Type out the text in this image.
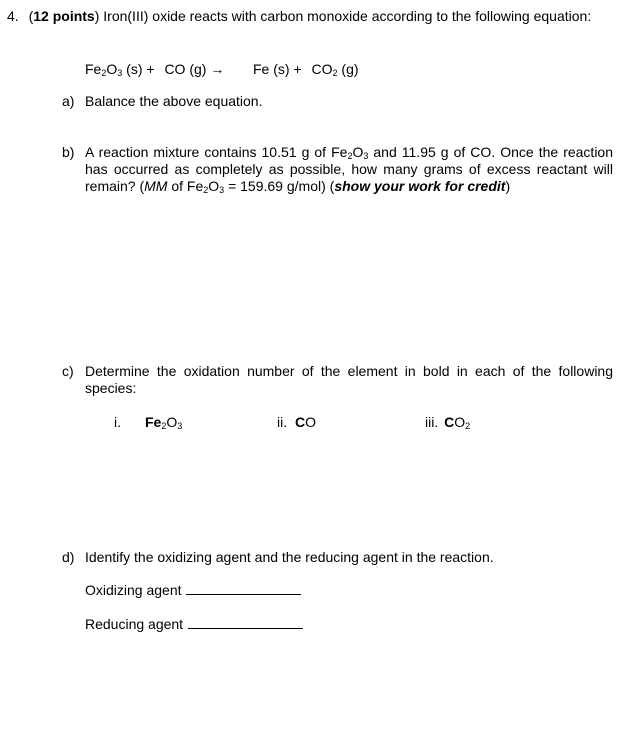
4. (12 points) Iron(III) oxide reacts with carbon monoxide according to the following equation:
$Fe_2O_3$ (s) + CO (g) → Fe $(s) + CO_2$ (g)
a) Balance the above equation.
b) A reaction mixture contains 10.51 g of $Fe_2O_3$ and 11.95 g of CO. Once the reaction has occurred as completely as possible, how many grams of excess reactant will remain? (MM of $Fe_2O_3 = 159.69$ g/mol) (show your work for credit)
c) Determine the oxidation number of the element in bold in each of the following species:
i. $Fe_2O_3$	ii. CO	iii. $CO_2$
d) Identify the oxidizing agent and the reducing agent in the reaction.
Oxidizing agent
Reducing agent
